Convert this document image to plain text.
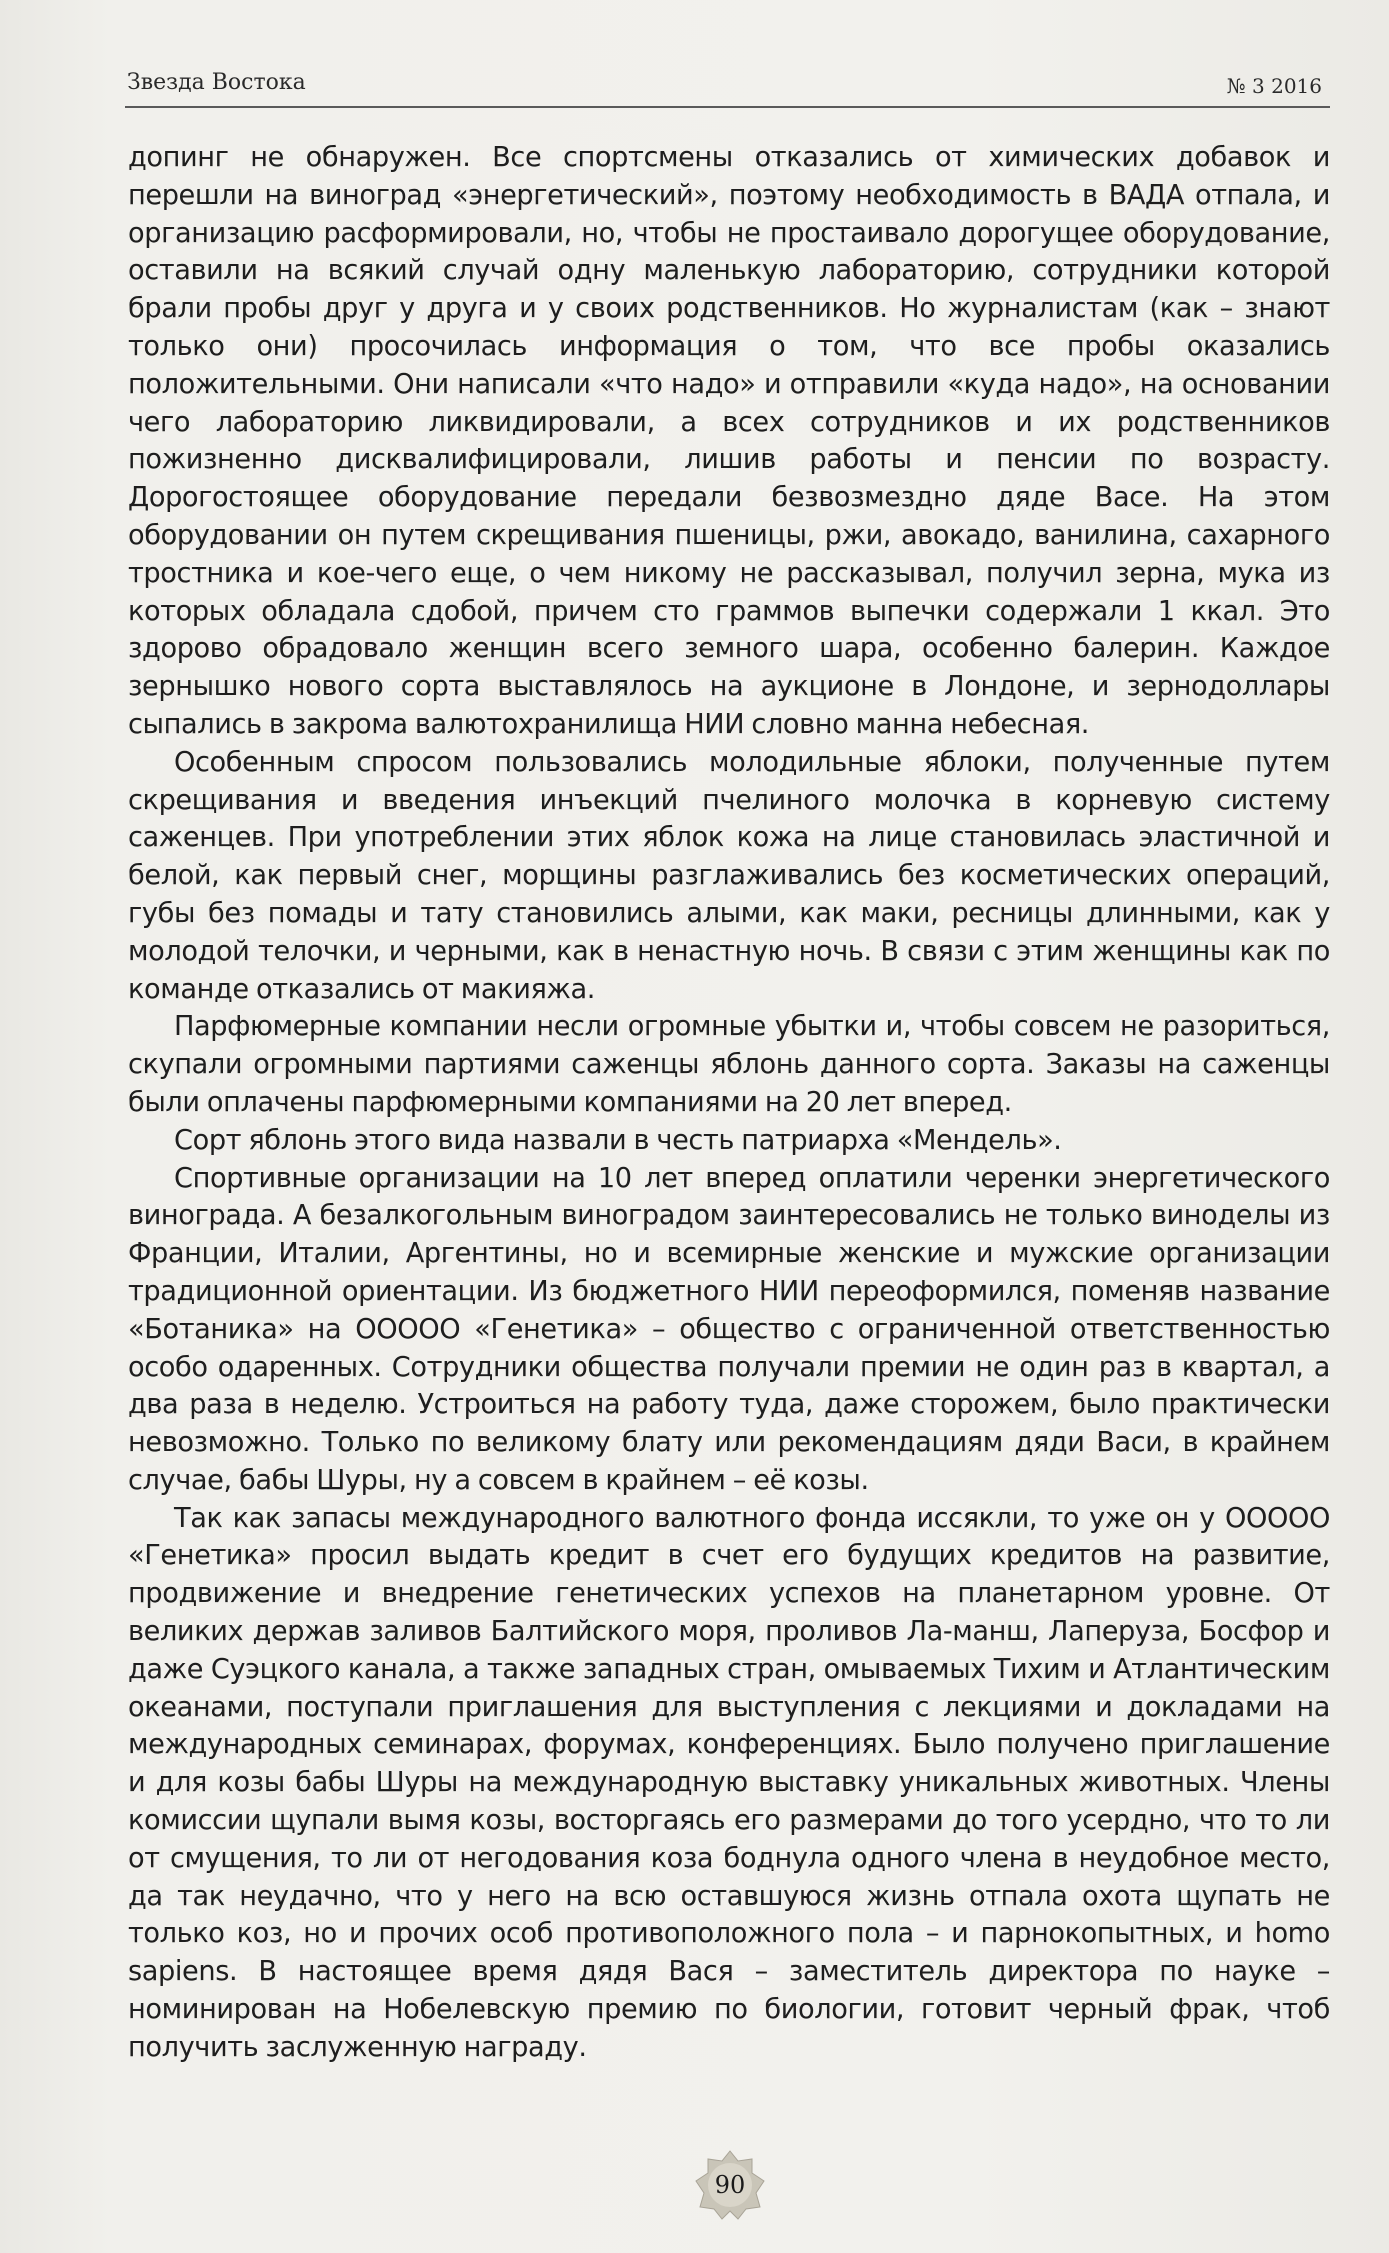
Звезда Востока	№ 3 2016

допинг не обнаружен. Все спортсмены отказались от химических добавок и перешли на виноград «энергетический», поэтому необходимость в ВАДА отпала, и организацию расформировали, но, чтобы не простаивало дорогущее оборудование, оставили на всякий случай одну маленькую лабораторию, сотрудники которой брали пробы друг у друга и у своих родственников. Но журналистам (как – знают только они) просочилась информация о том, что все пробы оказались положительными. Они написали «что надо» и отправили «куда надо», на основании чего лабораторию ликвидировали, а всех сотрудников и их родственников пожизненно дисквалифицировали, лишив работы и пенсии по возрасту. Дорогостоящее оборудование передали безвозмездно дяде Васе. На этом оборудовании он путем скрещивания пшеницы, ржи, авокадо, ванилина, сахарного тростника и кое-чего еще, о чем никому не рассказывал, получил зерна, мука из которых обладала сдобой, причем сто граммов выпечки содержали 1 ккал. Это здорово обрадовало женщин всего земного шара, особенно балерин. Каждое зернышко нового сорта выставлялось на аукционе в Лондоне, и зернодоллары сыпались в закрома валютохранилища НИИ словно манна небесная.

Особенным спросом пользовались молодильные яблоки, полученные путем скрещивания и введения инъекций пчелиного молочка в корневую систему саженцев. При употреблении этих яблок кожа на лице становилась эластичной и белой, как первый снег, морщины разглаживались без косметических операций, губы без помады и тату становились алыми, как маки, ресницы длинными, как у молодой телочки, и черными, как в ненастную ночь. В связи с этим женщины как по команде отказались от макияжа.

Парфюмерные компании несли огромные убытки и, чтобы совсем не разориться, скупали огромными партиями саженцы яблонь данного сорта. Заказы на саженцы были оплачены парфюмерными компаниями на 20 лет вперед.

Сорт яблонь этого вида назвали в честь патриарха «Мендель».

Спортивные организации на 10 лет вперед оплатили черенки энергетического винограда. А безалкогольным виноградом заинтересовались не только виноделы из Франции, Италии, Аргентины, но и всемирные женские и мужские организации традиционной ориентации. Из бюджетного НИИ переоформился, поменяв название «Ботаника» на ООООО «Генетика» – общество с ограниченной ответственностью особо одаренных. Сотрудники общества получали премии не один раз в квартал, а два раза в неделю. Устроиться на работу туда, даже сторожем, было практически невозможно. Только по великому блату или рекомендациям дяди Васи, в крайнем случае, бабы Шуры, ну а совсем в крайнем – её козы.

Так как запасы международного валютного фонда иссякли, то уже он у ООООО «Генетика» просил выдать кредит в счет его будущих кредитов на развитие, продвижение и внедрение генетических успехов на планетарном уровне. От великих держав заливов Балтийского моря, проливов Ла-манш, Лаперуза, Босфор и даже Суэцкого канала, а также западных стран, омываемых Тихим и Атлантическим океанами, поступали приглашения для выступления с лекциями и докладами на международных семинарах, форумах, конференциях. Было получено приглашение и для козы бабы Шуры на международную выставку уникальных животных. Члены комиссии щупали вымя козы, восторгаясь его размерами до того усердно, что то ли от смущения, то ли от негодования коза боднула одного члена в неудобное место, да так неудачно, что у него на всю оставшуюся жизнь отпала охота щупать не только коз, но и прочих особ противоположного пола – и парнокопытных, и homo sapiens. В настоящее время дядя Вася – заместитель директора по науке – номинирован на Нобелевскую премию по биологии, готовит черный фрак, чтоб получить заслуженную награду.

90
